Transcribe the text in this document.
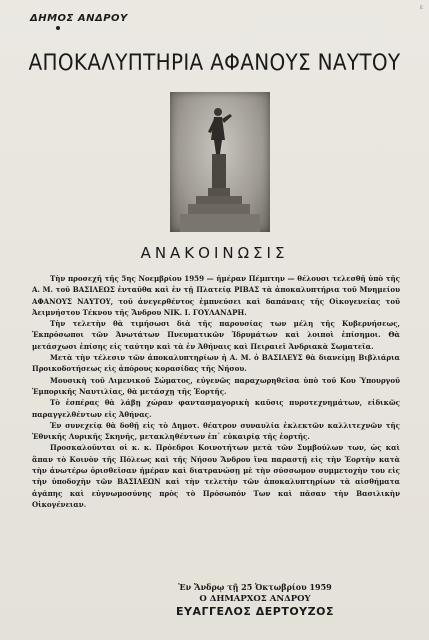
ε
ΔΗΜΟΣ ΑΝΔΡΟΥ
ΑΠΟΚΑΛΥΠΤΗΡΙΑ ΑΦΑΝΟΥΣ ΝΑΥΤΟΥ
ΑΝΑΚΟΙΝΩΣΙΣ

Τὴν προσεχῆ τῆς 5ης Νοεμβρίου 1959 — ἡμέραν Πέμπτην — θέλουσι τελεσθῆ ὑπὸ τῆς Α. Μ. τοῦ ΒΑΣΙΛΕΩΣ ἐνταῦθα καὶ ἐν τῇ Πλατείᾳ ΡΙΒΑΣ τὰ ἀποκαλυπτήρια τοῦ Μνημείου ΑΦΑΝΟΥΣ ΝΑΥΤΟΥ, τοῦ ἀνεγερθέντος ἐμπνεύσει καὶ δαπάναις τῆς Οἰκογενείας τοῦ Ἀειμνήστου Τέκνου τῆς Ἄνδρου ΝΙΚ. Ι. ΓΟΥΛΑΝΔΡΗ.

Τὴν τελετὴν θὰ τιμήσωσι διὰ τῆς παρουσίας των μέλη τῆς Κυβερνήσεως, Ἐκπρόσωποι τῶν Ἀνωτάτων Πνευματικῶν Ἱδρυμάτων καὶ λοιποὶ ἐπίσημοι. Θὰ μετάσχωσι ἐπίσης εἰς ταύτην καὶ τὰ ἐν Ἀθήναις καὶ Πειραιεῖ Ἀνδριακὰ Σωματεῖα.

Μετὰ τὴν τέλεσιν τῶν ἀποκαλυπτηρίων ἡ Α. Μ. ὁ ΒΑΣΙΛΕΥΣ θὰ διανείμῃ Βιβλιάρια Προικοδοτήσεως εἰς ἀπόρους κορασίδας τῆς Νήσου.

Μουσικὴ τοῦ Λιμενικοῦ Σώματος, εὐγενῶς παραχωρηθεῖσα ὑπὸ τοῦ Κου Ὑπουργοῦ Ἐμπορικῆς Ναυτιλίας, θὰ μετάσχῃ τῆς Ἑορτῆς.

Τὸ ἑσπέρας θὰ λάβῃ χώραν φαντασμαγορικὴ καῦσις πυροτεχνημάτων, εἰδικῶς παραγγελθέντων εἰς Ἀθήνας.

Ἐν συνεχείᾳ θὰ δοθῇ εἰς τὸ Δημοτ. θέατρον συναυλία ἐκλεκτῶν καλλιτεχνῶν τῆς Ἐθνικῆς Λυρικῆς Σκηνῆς, μετακληθέντων ἐπ᾽ εὐκαιρίᾳ τῆς ἑορτῆς.

Προσκαλοῦνται οἱ κ. κ. Πρόεδροι Κοινοτήτων μετὰ τῶν Συμβούλων των, ὡς καὶ ἅπαν τὸ Κοινὸν τῆς Πόλεως καὶ τῆς Νήσου Ἄνδρου ἵνα παραστῇ εἰς τὴν Ἑορτὴν κατὰ τὴν ἀνωτέρω ὁρισθεῖσαν ἡμέραν καὶ διατρανώσῃ μὲ τὴν σύσσωμον συμμετοχὴν του εἰς τὴν ὑποδοχὴν τῶν ΒΑΣΙΛΕΩΝ καὶ τὴν τελετὴν τῶν ἀποκαλυπτηρίων τὰ αἰσθήματα ἀγάπης καὶ εὐγνωμοσύνης πρὸς τὸ Πρόσωπόν Των καὶ πᾶσαν τὴν Βασιλικὴν Οἰκογένειαν.

Ἐν Ἄνδρῳ τῇ 25 Ὀκτωβρίου 1959
Ο ΔΗΜΑΡΧΟΣ ΑΝΔΡΟΥ
ΕΥΑΓΓΕΛΟΣ ΔΕΡΤΟΥΖΟΣ
